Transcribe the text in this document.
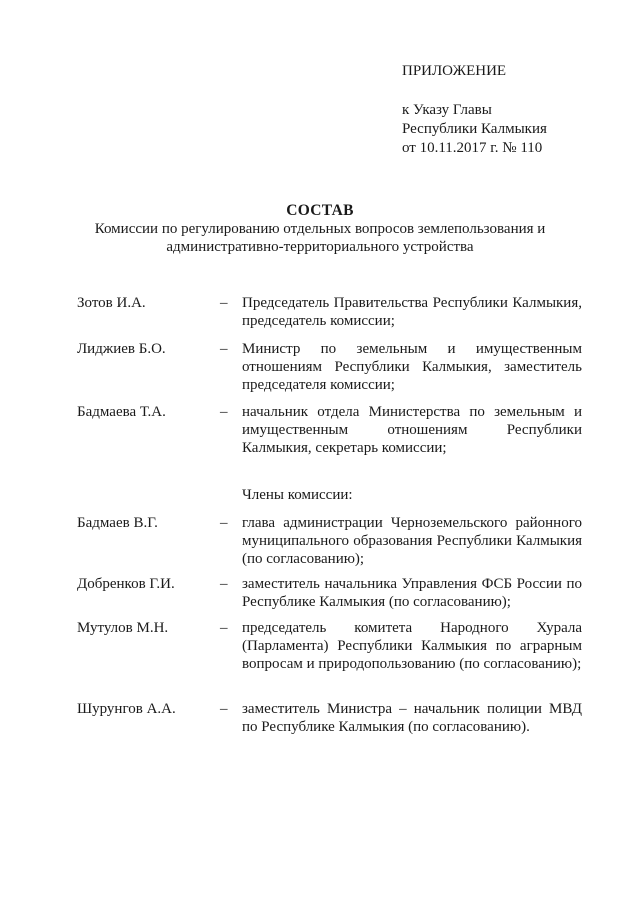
ПРИЛОЖЕНИЕ
к Указу Главы
Республики Калмыкия
от 10.11.2017 г. № 110
СОСТАВ
Комиссии по регулированию отдельных вопросов землепользования и административно-территориального устройства
Зотов И.А.	– Председатель Правительства Республики Калмыкия, председатель комиссии;
Лиджиев Б.О.	– Министр по земельным и имущественным отношениям Республики Калмыкия, заместитель председателя комиссии;
Бадмаева Т.А.	– начальник отдела Министерства по земельным и имущественным отношениям Республики Калмыкия, секретарь комиссии;
Члены комиссии:
Бадмаев В.Г.	– глава администрации Черноземельского районного муниципального образования Республики Калмыкия (по согласованию);
Добренков Г.И.	– заместитель начальника Управления ФСБ России по Республике Калмыкия (по согласованию);
Мутулов М.Н.	– председатель комитета Народного Хурала (Парламента) Республики Калмыкия по аграрным вопросам и природопользованию (по согласованию);
Шурунгов А.А.	– заместитель Министра – начальник полиции МВД по Республике Калмыкия (по согласованию).
